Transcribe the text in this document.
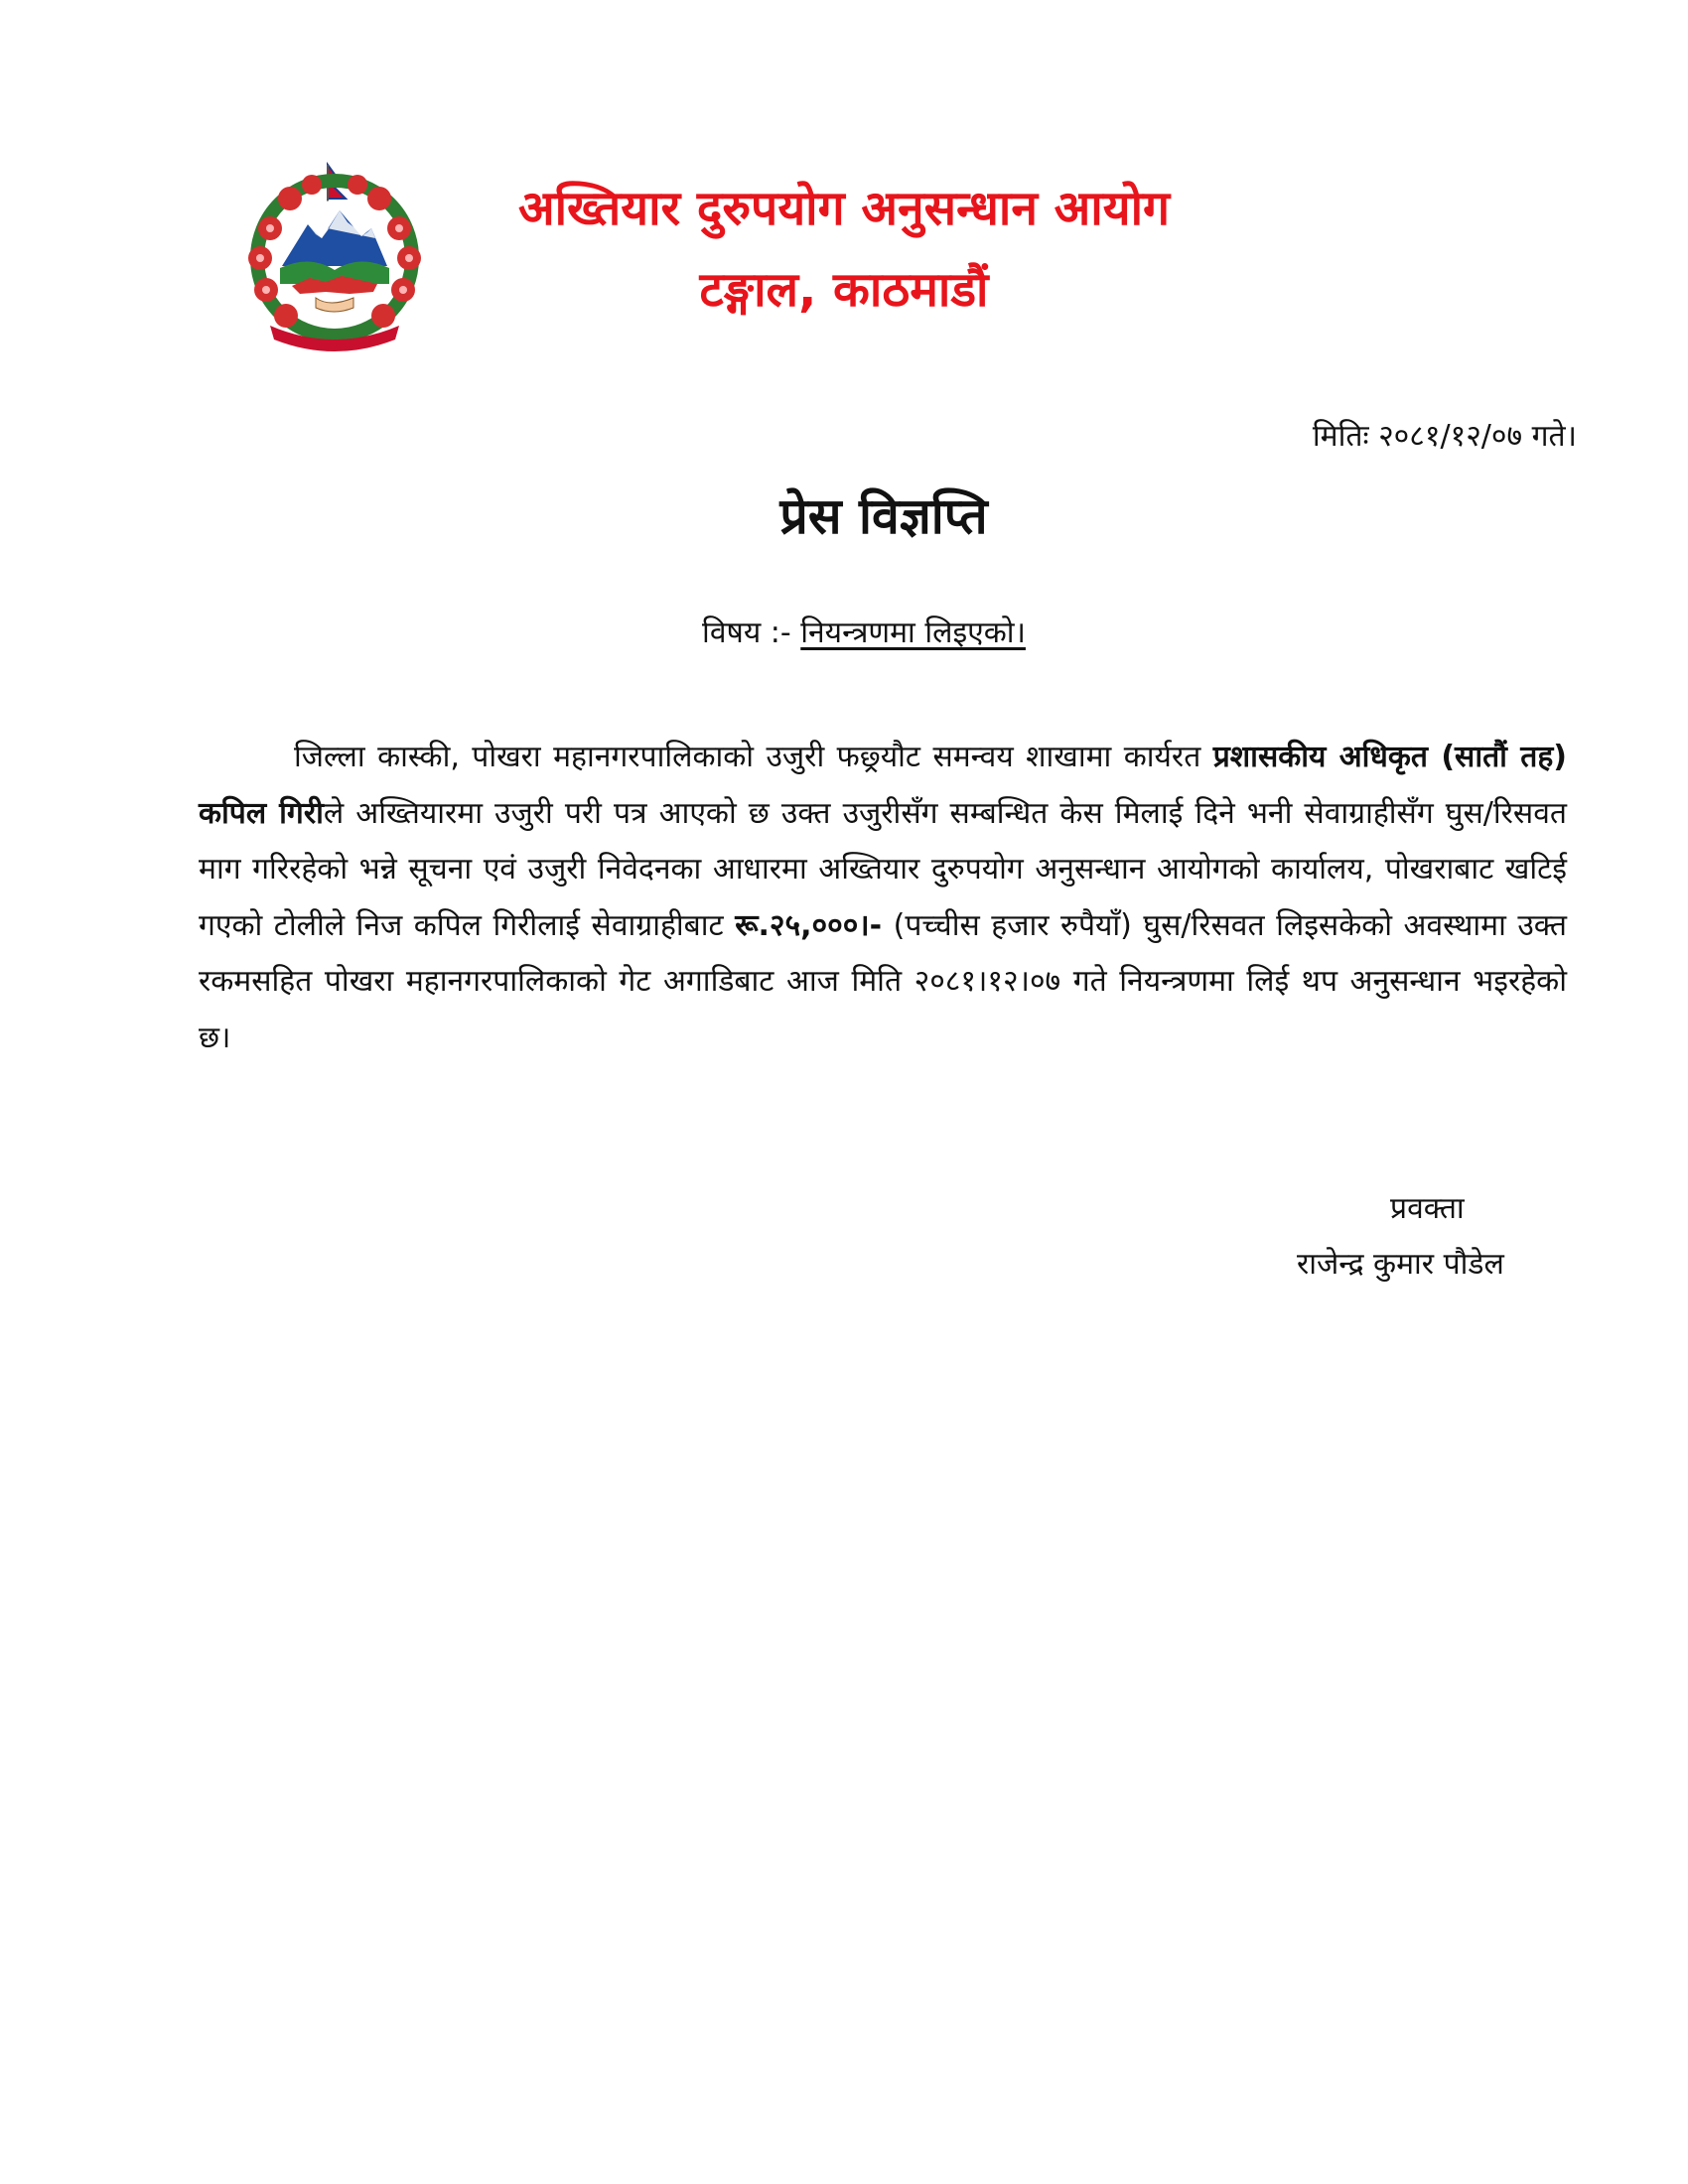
अख्तियार दुरुपयोग अनुसन्धान आयोग
टङ्गाल, काठमाडौं
मितिः २०८१/१२/०७ गते।
प्रेस विज्ञप्ति
विषय :- नियन्त्रणमा लिइएको।

जिल्ला कास्की, पोखरा महानगरपालिकाको उजुरी फछ्र्यौट समन्वय शाखामा कार्यरत प्रशासकीय अधिकृत (सातौं तह) कपिल गिरीले अख्तियारमा उजुरी परी पत्र आएको छ उक्त उजुरीसँग सम्बन्धित केस मिलाई दिने भनी सेवाग्राहीसँग घुस/रिसवत माग गरिरहेको भन्ने सूचना एवं उजुरी निवेदनका आधारमा अख्तियार दुरुपयोग अनुसन्धान आयोगको कार्यालय, पोखराबाट खटिई गएको टोलीले निज कपिल गिरीलाई सेवाग्राहीबाट रू.२५,०००।- (पच्चीस हजार रुपैयाँ) घुस/रिसवत लिइसकेको अवस्थामा उक्त रकमसहित पोखरा महानगरपालिकाको गेट अगाडिबाट आज मिति २०८१।१२।०७ गते नियन्त्रणमा लिई थप अनुसन्धान भइरहेको छ।

प्रवक्ता
राजेन्द्र कुमार पौडेल
